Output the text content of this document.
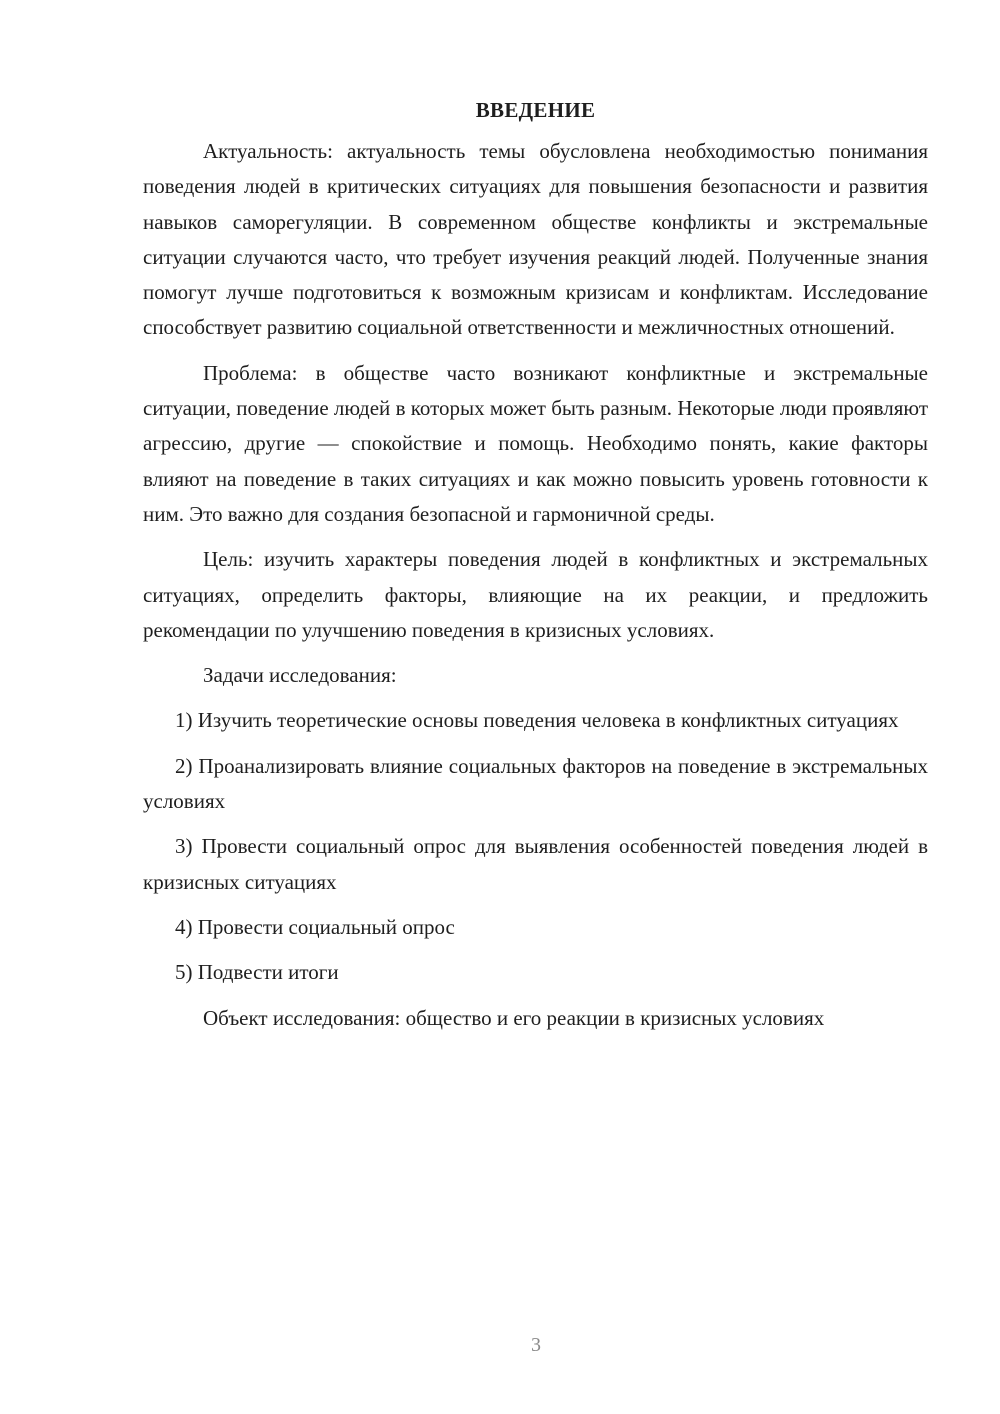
ВВЕДЕНИЕ

Актуальность: актуальность темы обусловлена необходимостью понимания поведения людей в критических ситуациях для повышения безопасности и развития навыков саморегуляции. В современном обществе конфликты и экстремальные ситуации случаются часто, что требует изучения реакций людей. Полученные знания помогут лучше подготовиться к возможным кризисам и конфликтам. Исследование способствует развитию социальной ответственности и межличностных отношений.

Проблема: в обществе часто возникают конфликтные и экстремальные ситуации, поведение людей в которых может быть разным. Некоторые люди проявляют агрессию, другие — спокойствие и помощь. Необходимо понять, какие факторы влияют на поведение в таких ситуациях и как можно повысить уровень готовности к ним. Это важно для создания безопасной и гармоничной среды.

Цель: изучить характеры поведения людей в конфликтных и экстремальных ситуациях, определить факторы, влияющие на их реакции, и предложить рекомендации по улучшению поведения в кризисных условиях.

Задачи исследования:

1) Изучить теоретические основы поведения человека в конфликтных ситуациях

2) Проанализировать влияние социальных факторов на поведение в экстремальных условиях

3) Провести социальный опрос для выявления особенностей поведения людей в кризисных ситуациях

4) Провести социальный опрос

5) Подвести итоги

Объект исследования: общество и его реакции в кризисных условиях

3
